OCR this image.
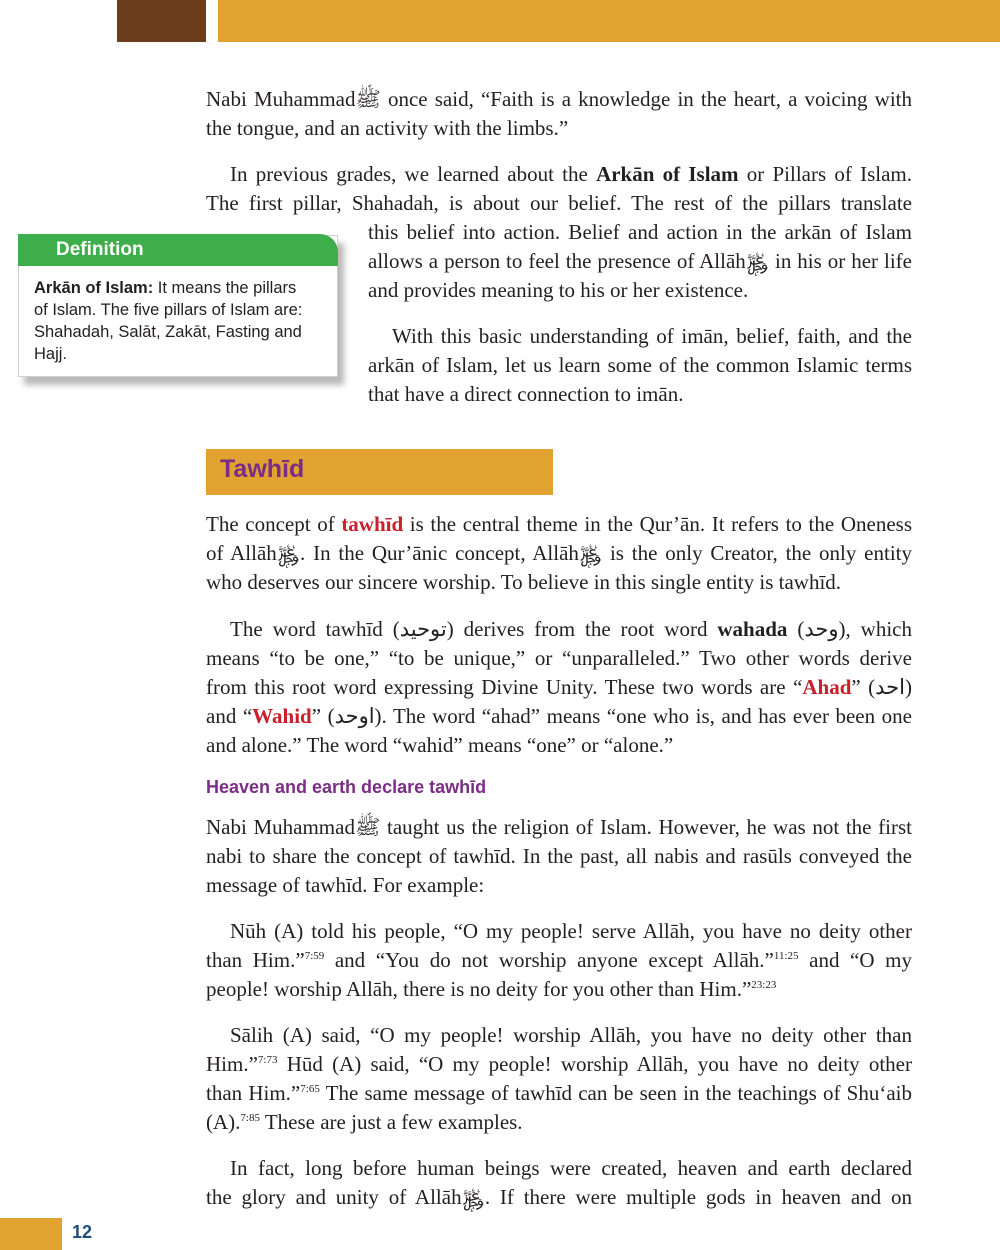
Nabi Muhammadﷺ once said, “Faith is a knowledge in the heart, a voicing with
the tongue, and an activity with the limbs.”
In previous grades, we learned about the Arkān of Islam or Pillars of Islam.
The first pillar, Shahadah, is about our belief. The rest of the pillars translate
this belief into action. Belief and action in the arkān of Islam
allows a person to feel the presence of Allāh﷿ in his or her life
and provides meaning to his or her existence.
With this basic understanding of imān, belief, faith, and the
arkān of Islam, let us learn some of the common Islamic terms
that have a direct connection to imān.
Definition
Arkān of Islam: It means the pillars
of Islam. The five pillars of Islam are:
Shahadah, Salāt, Zakāt, Fasting and
Hajj.
Tawhīd
The concept of tawhīd is the central theme in the Qur’ān. It refers to the Oneness
of Allāh﷿. In the Qur’ānic concept, Allāh﷿ is the only Creator, the only entity
who deserves our sincere worship. To believe in this single entity is tawhīd.
The word tawhīd (توحيد) derives from the root word wahada (وحد), which
means “to be one,” “to be unique,” or “unparalleled.” Two other words derive
from this root word expressing Divine Unity. These two words are “Ahad” (احد)
and “Wahid” (اوحد). The word “ahad” means “one who is, and has ever been one
and alone.” The word “wahid” means “one” or “alone.”
Heaven and earth declare tawhīd
Nabi Muhammadﷺ taught us the religion of Islam. However, he was not the first
nabi to share the concept of tawhīd. In the past, all nabis and rasūls conveyed the
message of tawhīd. For example:
Nūh (A) told his people, “O my people! serve Allāh, you have no deity other
than Him.”$^{7:59}$ and “You do not worship anyone except Allāh.”$^{11:25}$ and “O my
people! worship Allāh, there is no deity for you other than Him.”$^{23:23}$
Sālih (A) said, “O my people! worship Allāh, you have no deity other than
Him.”$^{7:73}$ Hūd (A) said, “O my people! worship Allāh, you have no deity other
than Him.”$^{7:65}$ The same message of tawhīd can be seen in the teachings of Shu‘aib
(A).$^{7:85}$ These are just a few examples.
In fact, long before human beings were created, heaven and earth declared
the glory and unity of Allāh﷿. If there were multiple gods in heaven and on
12
